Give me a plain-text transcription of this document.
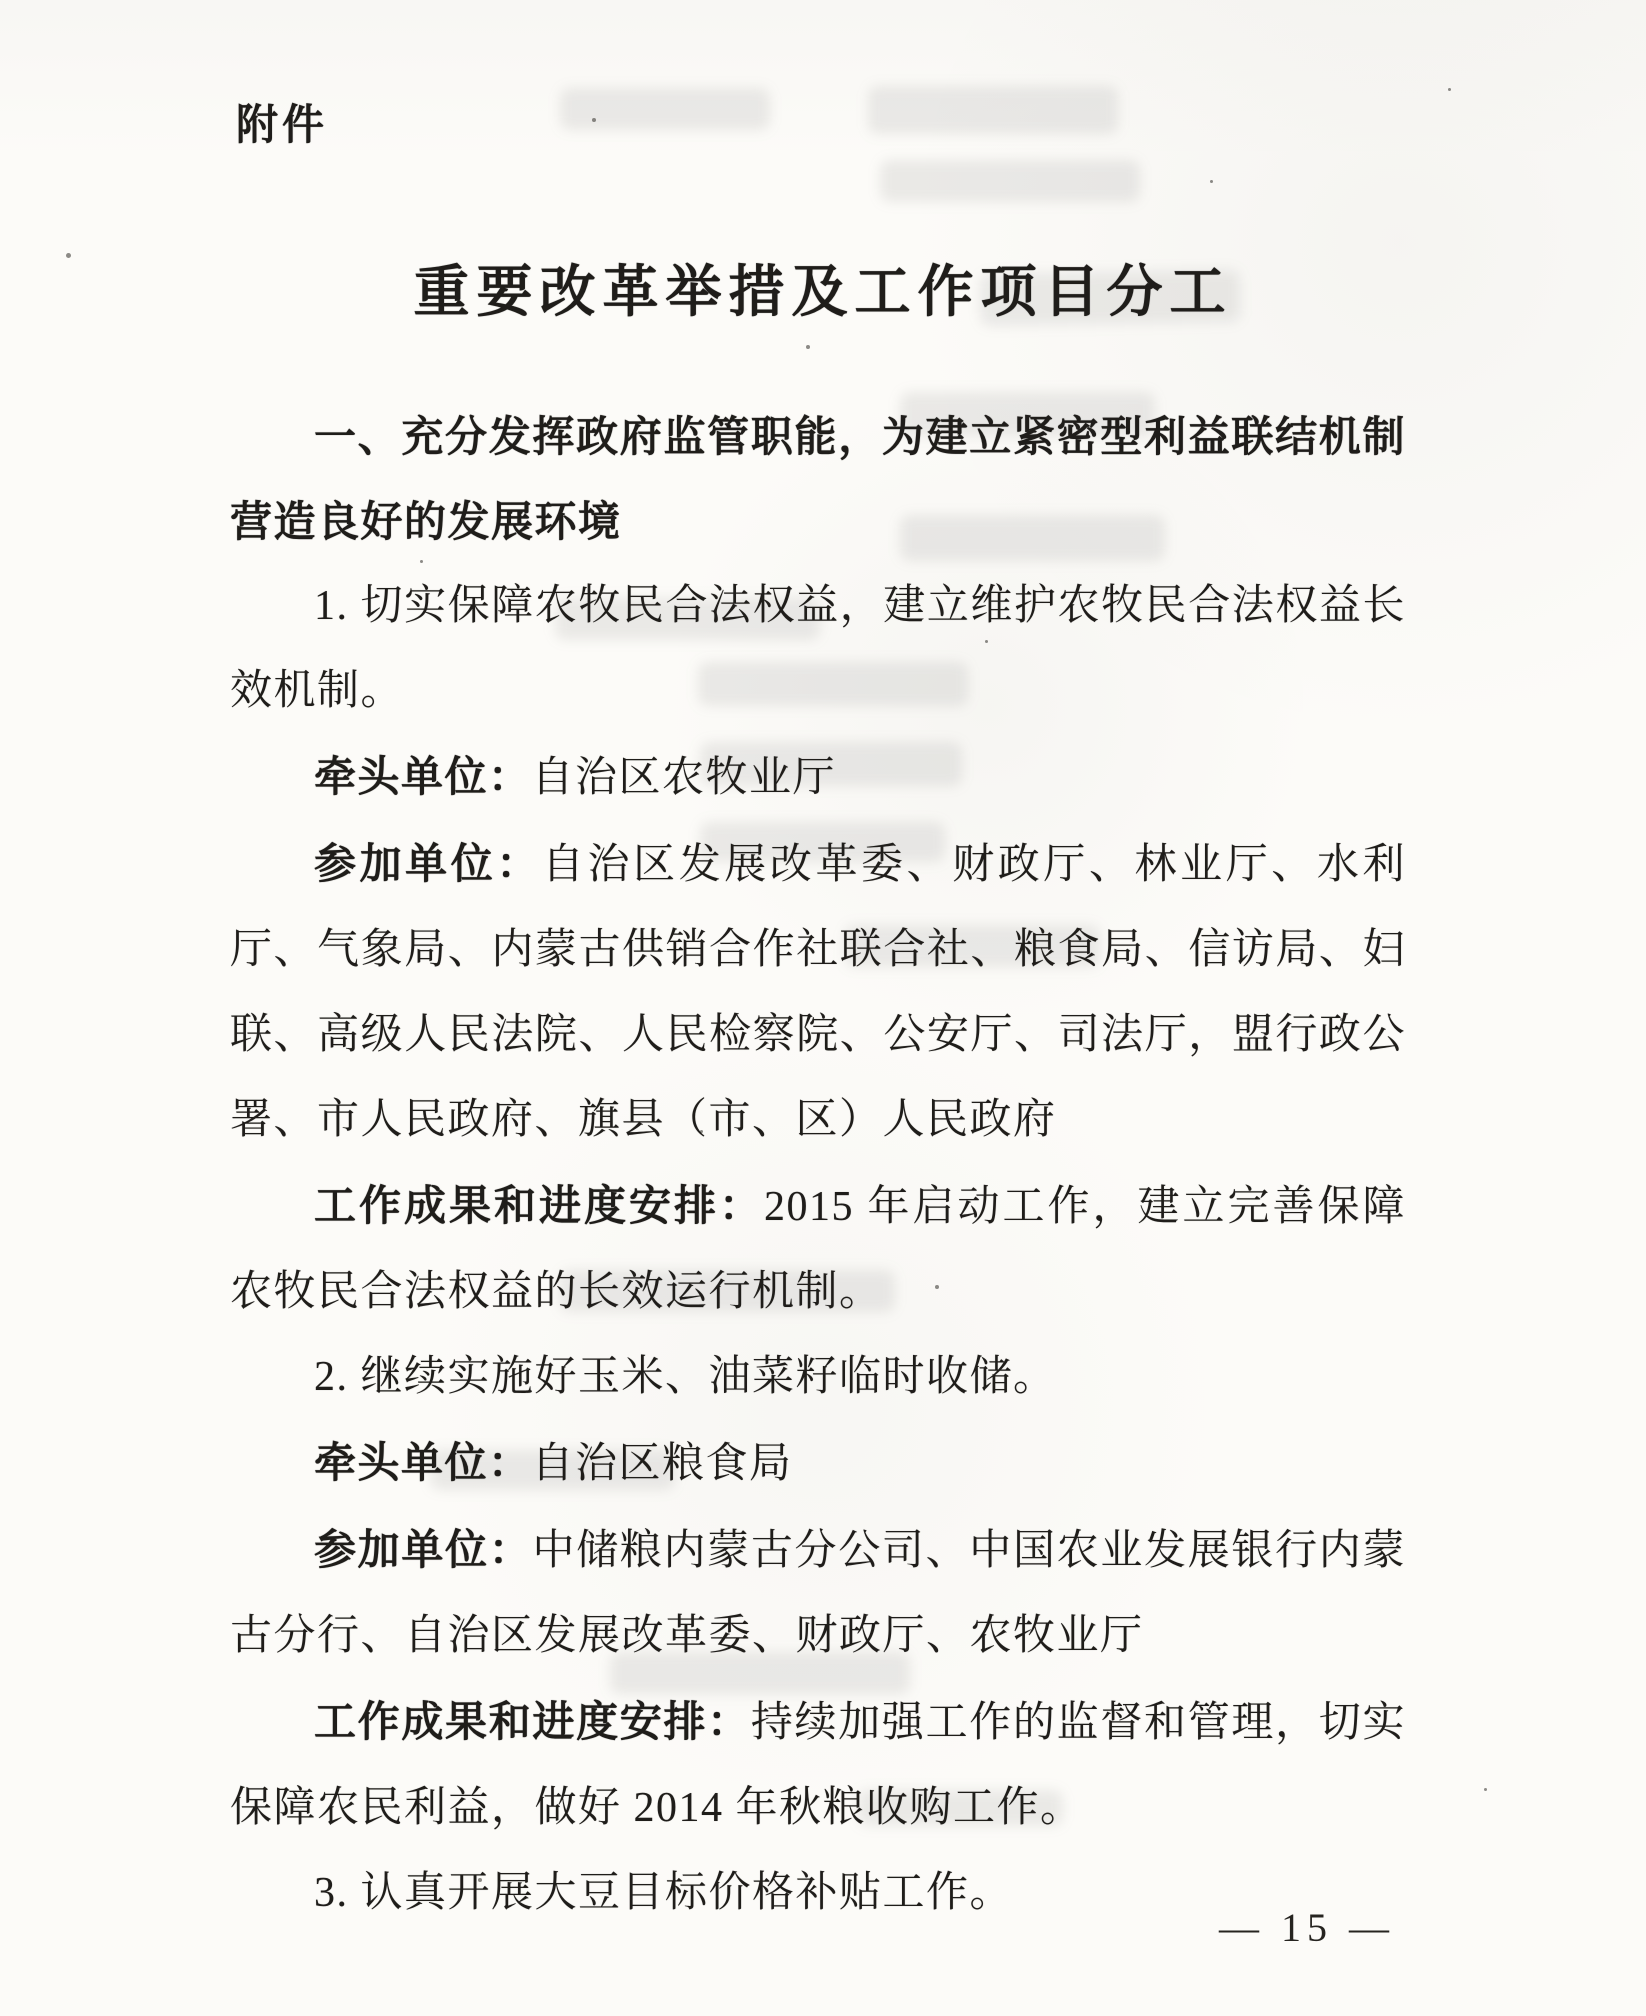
附件
重要改革举措及工作项目分工

一、充分发挥政府监管职能，为建立紧密型利益联结机制营造良好的发展环境

1. 切实保障农牧民合法权益，建立维护农牧民合法权益长效机制。

牵头单位：自治区农牧业厅

参加单位：自治区发展改革委、财政厅、林业厅、水利厅、气象局、内蒙古供销合作社联合社、粮食局、信访局、妇联、高级人民法院、人民检察院、公安厅、司法厅，盟行政公署、市人民政府、旗县（市、区）人民政府

工作成果和进度安排：2015 年启动工作，建立完善保障农牧民合法权益的长效运行机制。

2. 继续实施好玉米、油菜籽临时收储。

牵头单位：自治区粮食局

参加单位：中储粮内蒙古分公司、中国农业发展银行内蒙古分行、自治区发展改革委、财政厅、农牧业厅

工作成果和进度安排：持续加强工作的监督和管理，切实保障农民利益，做好 2014 年秋粮收购工作。

3. 认真开展大豆目标价格补贴工作。

— 15 —
